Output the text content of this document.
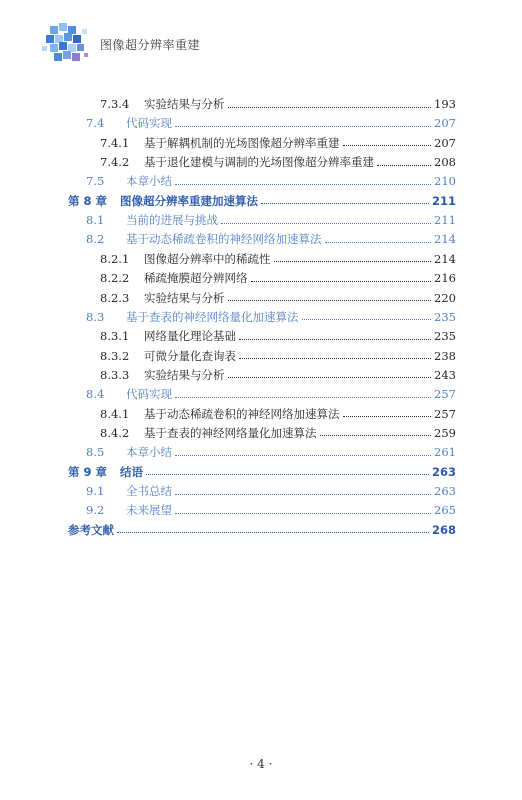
图像超分辨率重建
7.3.4	实验结果与分析	193
7.4	代码实现	207
7.4.1	基于解耦机制的光场图像超分辨率重建	207
7.4.2	基于退化建模与调制的光场图像超分辨率重建	208
7.5	本章小结	210
第 8 章	图像超分辨率重建加速算法	211
8.1	当前的进展与挑战	211
8.2	基于动态稀疏卷积的神经网络加速算法	214
8.2.1	图像超分辨率中的稀疏性	214
8.2.2	稀疏掩膜超分辨网络	216
8.2.3	实验结果与分析	220
8.3	基于查表的神经网络量化加速算法	235
8.3.1	网络量化理论基础	235
8.3.2	可微分量化查询表	238
8.3.3	实验结果与分析	243
8.4	代码实现	257
8.4.1	基于动态稀疏卷积的神经网络加速算法	257
8.4.2	基于查表的神经网络量化加速算法	259
8.5	本章小结	261
第 9 章	结语	263
9.1	全书总结	263
9.2	未来展望	265
参考文献	268
· 4 ·
